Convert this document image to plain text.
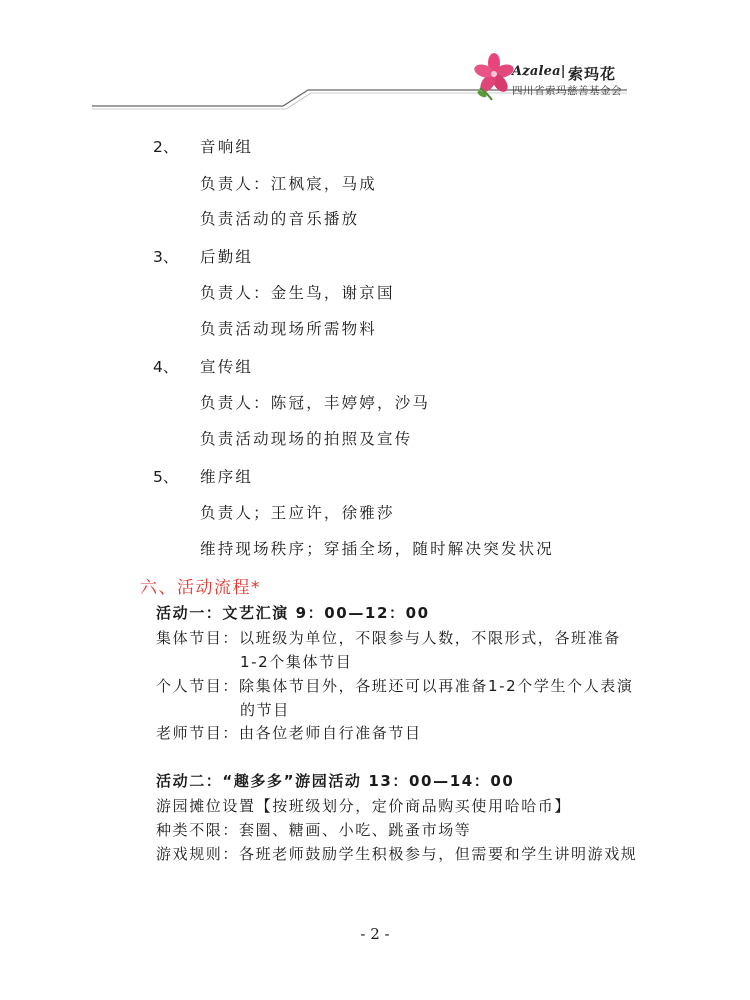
Azalea| 索玛花
四川省索玛慈善基金会
2、 音响组
负责人：江枫宸，马成
负责活动的音乐播放
3、 后勤组
负责人：金生鸟，谢京国
负责活动现场所需物料
4、 宣传组
负责人：陈冠，丰婷婷，沙马
负责活动现场的拍照及宣传
5、 维序组
负责人；王应许，徐雅莎
维持现场秩序；穿插全场，随时解决突发状况
六、活动流程*
活动一：文艺汇演 9：00—12：00
集体节目：以班级为单位，不限参与人数，不限形式，各班准备
1-2个集体节目
个人节目：除集体节目外，各班还可以再准备1-2个学生个人表演
的节目
老师节目：由各位老师自行准备节目
活动二：“趣多多”游园活动 13：00—14：00
游园摊位设置【按班级划分，定价商品购买使用哈哈币】
种类不限：套圈、糖画、小吃、跳蚤市场等
游戏规则：各班老师鼓励学生积极参与，但需要和学生讲明游戏规
- 2 -
